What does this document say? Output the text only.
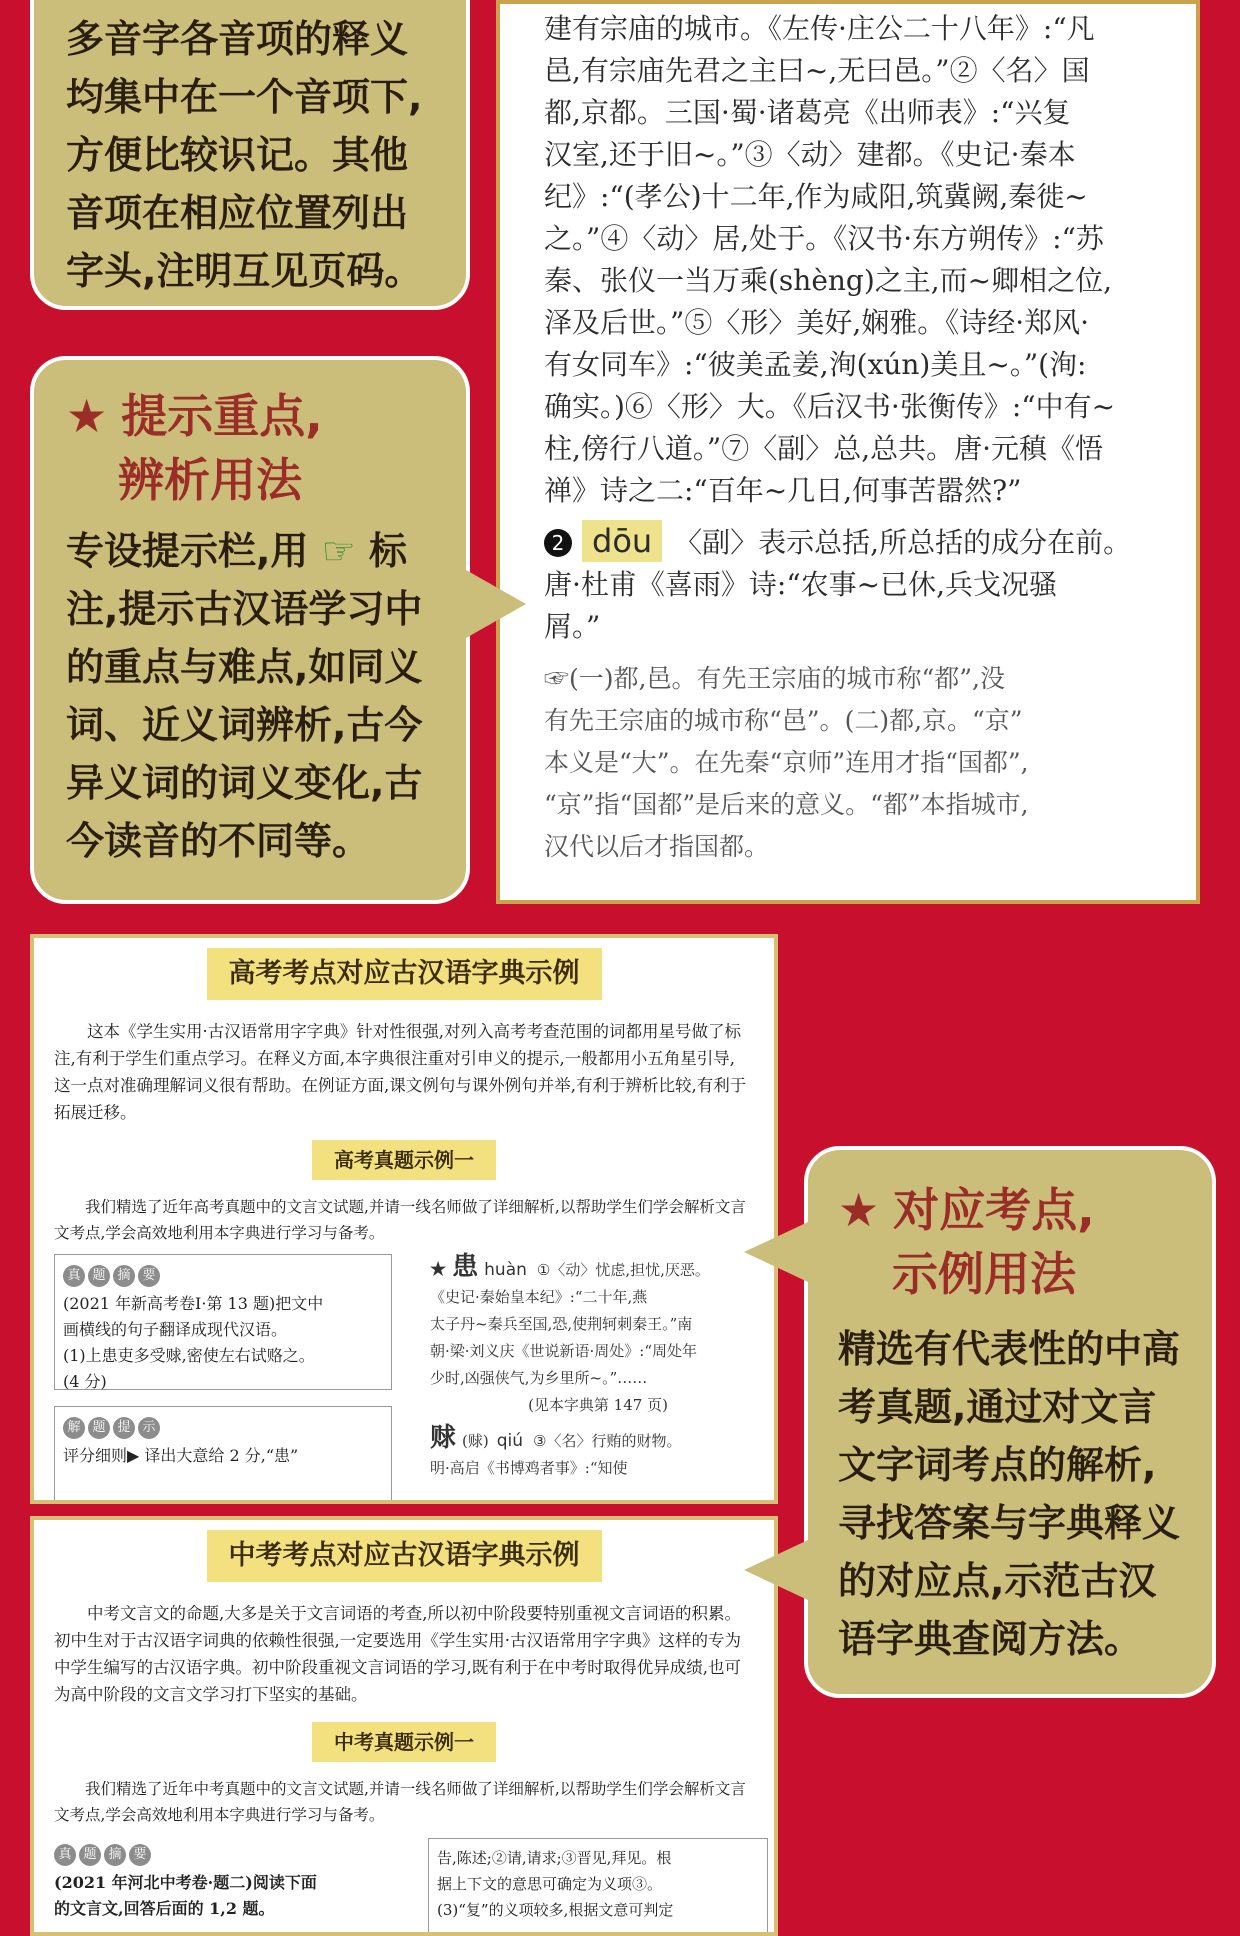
多音字各音项的释义
均集中在一个音项下,
方便比较识记。其他
音项在相应位置列出
字头,注明互见页码。

建有宗庙的城市。《左传·庄公二十八年》:“凡

邑,有宗庙先君之主曰~,无曰邑。”②〈名〉国

都,京都。三国·蜀·诸葛亮《出师表》:“兴复

汉室,还于旧~。”③〈动〉建都。《史记·秦本

纪》:“(孝公)十二年,作为咸阳,筑冀阙,秦徙~

之。”④〈动〉居,处于。《汉书·东方朔传》:“苏

秦、张仪一当万乘(shèng)之主,而~卿相之位,

泽及后世。”⑤〈形〉美好,娴雅。《诗经·郑风·

有女同车》:“彼美孟姜,洵(xún)美且~。”(洵:

确实。)⑥〈形〉大。《后汉书·张衡传》:“中有~

柱,傍行八道。”⑦〈副〉总,总共。唐·元稹《悟

禅》诗之二:“百年~几日,何事苦嚣然?”

2 dōu 〈副〉表示总括,所总括的成分在前。

唐·杜甫《喜雨》诗:“农事~已休,兵戈况骚

屑。”

☞(一)都,邑。有先王宗庙的城市称“都”,没
有先王宗庙的城市称“邑”。(二)都,京。“京”
本义是“大”。在先秦“京师”连用才指“国都”,
“京”指“国都”是后来的意义。“都”本指城市,
汉代以后才指国都。
★ 提示重点,
辨析用法
专设提示栏,用 ☞ 标
注,提示古汉语学习中
的重点与难点,如同义
词、近义词辨析,古今
异义词的词义变化,古
今读音的不同等。
高考考点对应古汉语字典示例

这本《学生实用·古汉语常用字字典》针对性很强,对列入高考考查范围的词都用星号做了标注,有利于学生们重点学习。在释义方面,本字典很注重对引申义的提示,一般都用小五角星引导,这一点对准确理解词义很有帮助。在例证方面,课文例句与课外例句并举,有利于辨析比较,有利于拓展迁移。

高考真题示例一

我们精选了近年高考真题中的文言文试题,并请一线名师做了详细解析,以帮助学生们学会解析文言文考点,学会高效地利用本字典进行学习与备考。

真 题 摘 要
(2021 年新高考卷Ⅰ·第 13 题)把文中
画横线的句子翻译成现代汉语。
(1)上患吏多受赇,密使左右试赂之。
(4 分)
解 题 提 示
评分细则▶ 译出大意给 2 分,“患”
★ 患 huàn ①〈动〉忧虑,担忧,厌恶。
《史记·秦始皇本纪》:“二十年,燕
太子丹~秦兵至国,恐,使荆轲刺秦王。”南
朝·梁·刘义庆《世说新语·周处》:“周处年
少时,凶强侠气,为乡里所~。”……
(见本字典第 147 页)
赇 (赇) qiú ③〈名〉行贿的财物。
明·高启《书博鸡者事》:“知使
中考考点对应古汉语字典示例

中考文言文的命题,大多是关于文言词语的考查,所以初中阶段要特别重视文言词语的积累。初中生对于古汉语字词典的依赖性很强,一定要选用《学生实用·古汉语常用字字典》这样的专为中学生编写的古汉语字典。初中阶段重视文言词语的学习,既有利于在中考时取得优异成绩,也可为高中阶段的文言文学习打下坚实的基础。

中考真题示例一

我们精选了近年中考真题中的文言文试题,并请一线名师做了详细解析,以帮助学生们学会解析文言文考点,学会高效地利用本字典进行学习与备考。

真 题 摘 要
(2021 年河北中考卷·题二)阅读下面
的文言文,回答后面的 1,2 题。
告,陈述;②请,请求;③晋见,拜见。根
据上下文的意思可确定为义项③。
(3)“复”的义项较多,根据文意可判定
★ 对应考点,
示例用法
精选有代表性的中高
考真题,通过对文言
文字词考点的解析,
寻找答案与字典释义
的对应点,示范古汉
语字典查阅方法。
